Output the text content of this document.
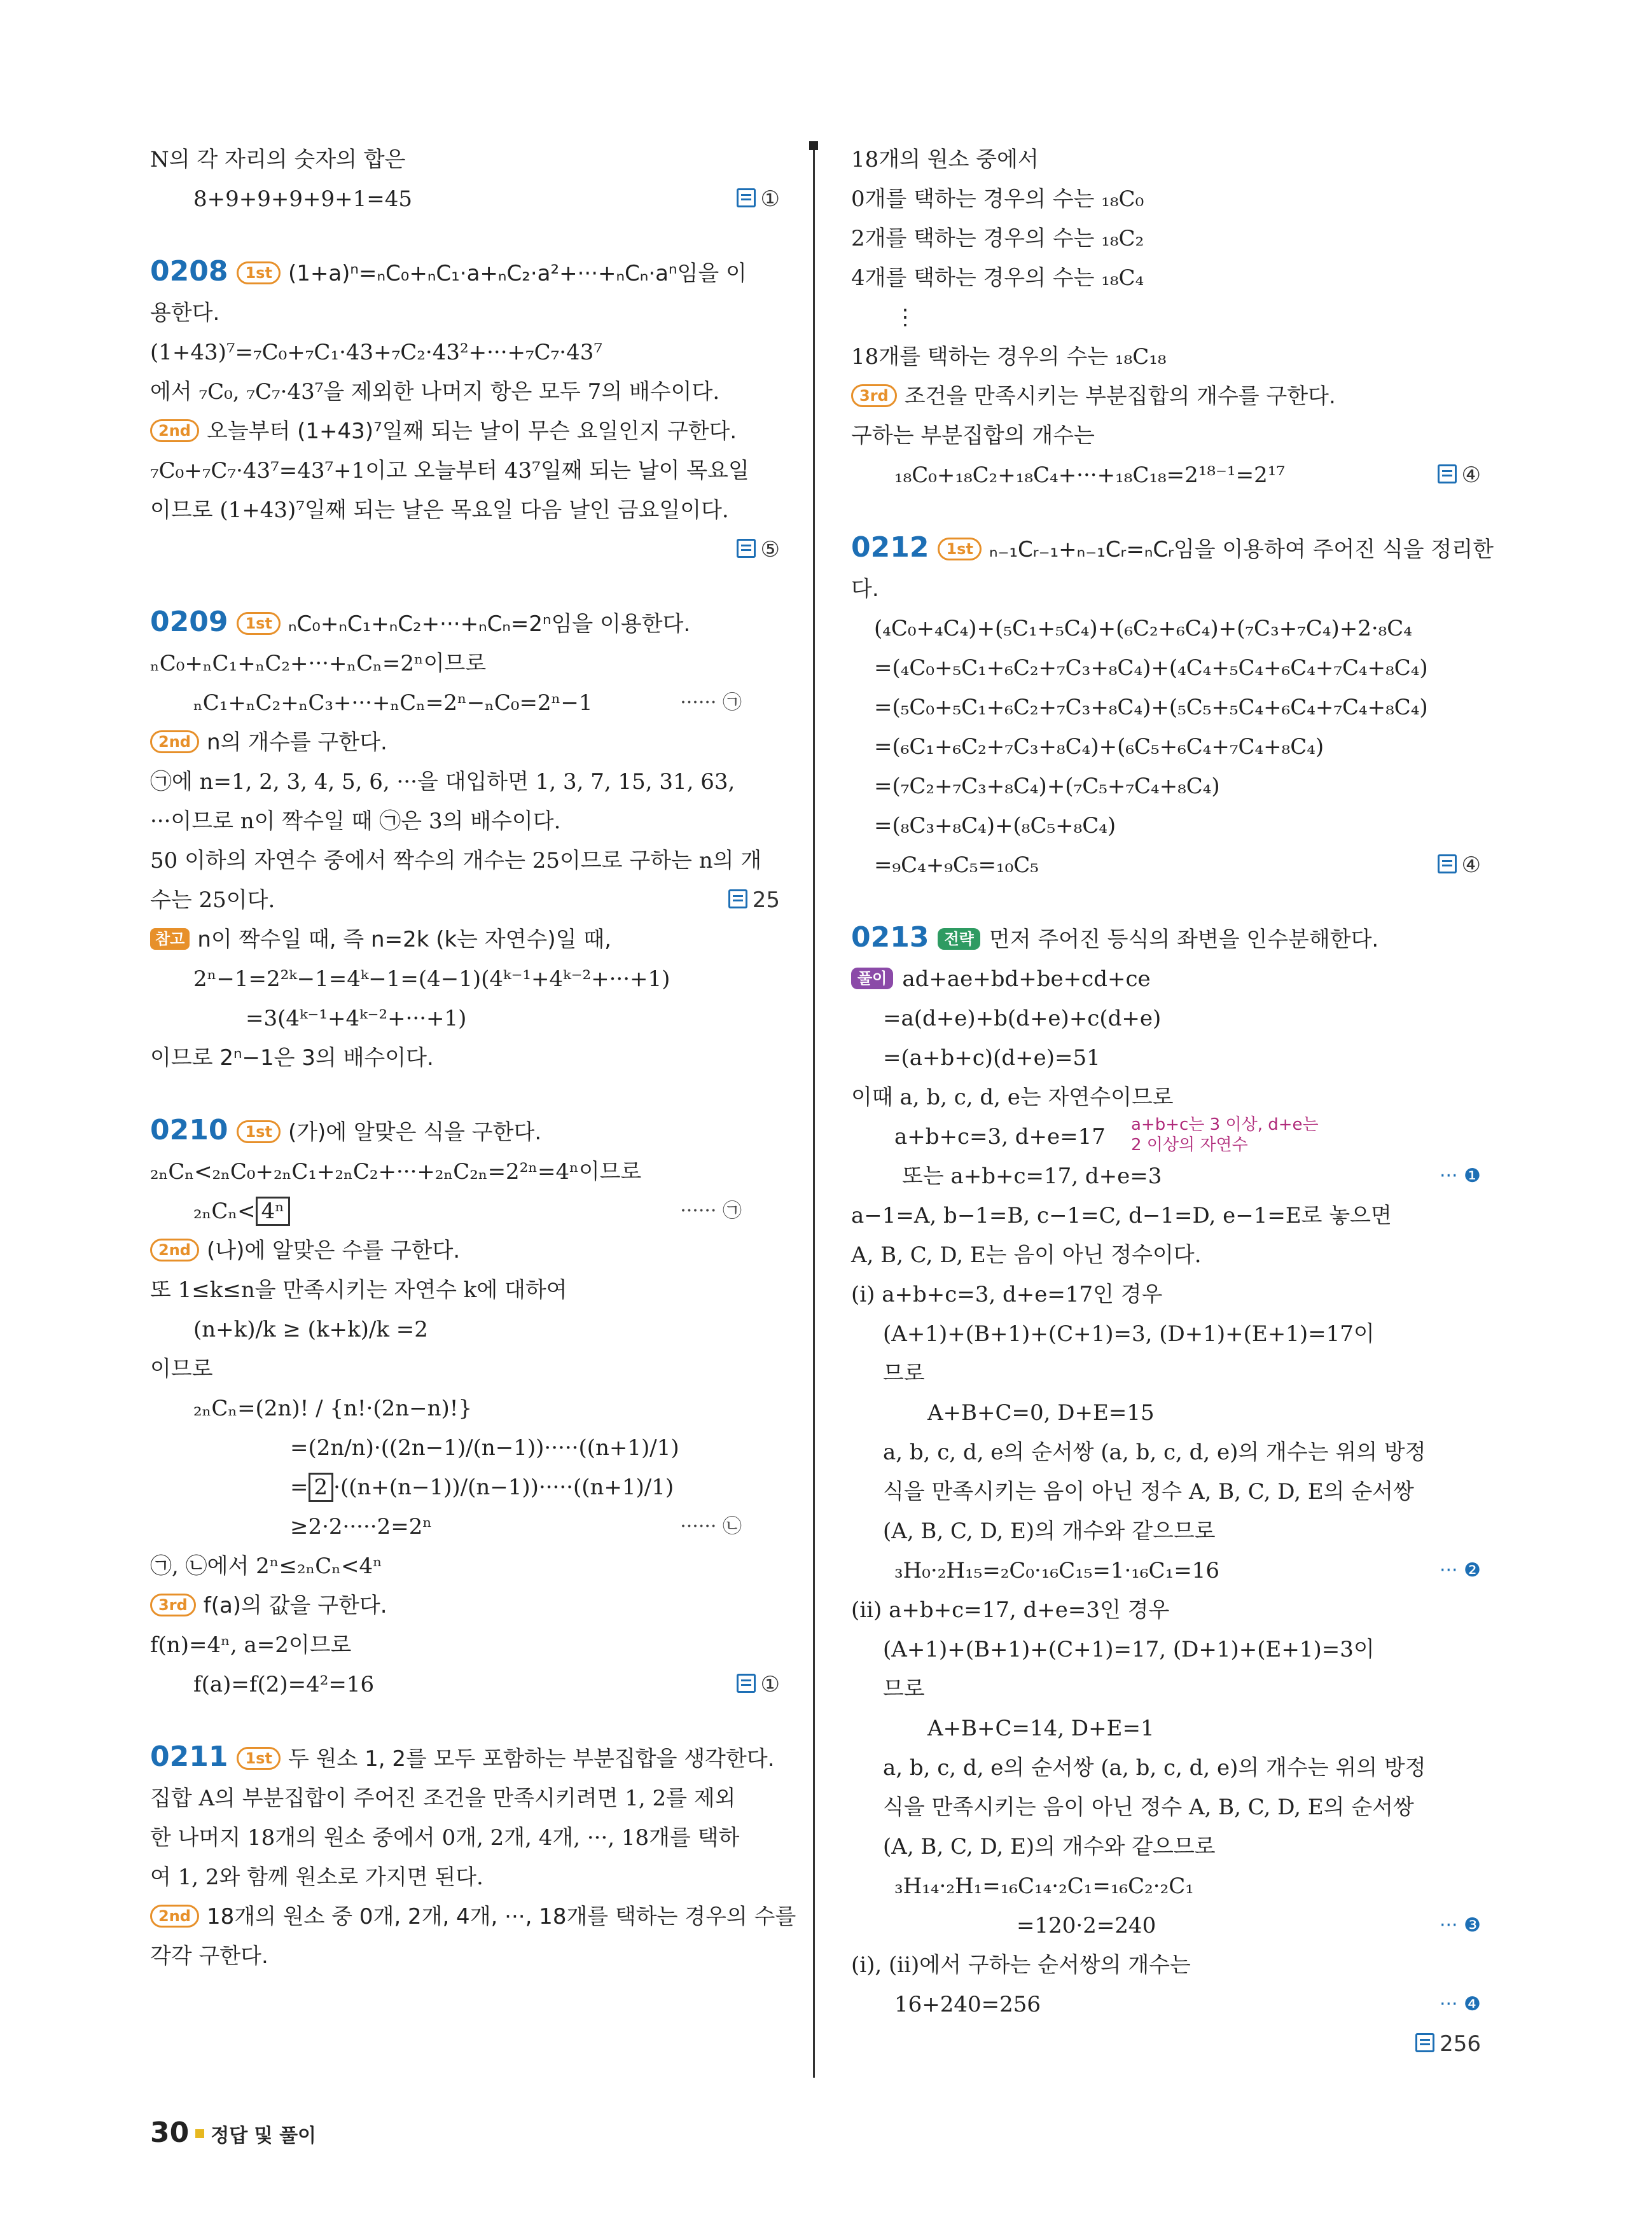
N의 각 자리의 숫자의 합은
8+9+9+9+9+1=45	①
0208 1st (1+a)ⁿ=ₙC₀+ₙC₁·a+ₙC₂·a²+···+ₙCₙ·aⁿ임을 이
용한다.
(1+43)⁷=₇C₀+₇C₁·43+₇C₂·43²+···+₇C₇·43⁷
에서 ₇C₀, ₇C₇·43⁷을 제외한 나머지 항은 모두 7의 배수이다.
2nd 오늘부터 (1+43)⁷일째 되는 날이 무슨 요일인지 구한다.
₇C₀+₇C₇·43⁷=43⁷+1이고 오늘부터 43⁷일째 되는 날이 목요일
이므로 (1+43)⁷일째 되는 날은 목요일 다음 날인 금요일이다.

⑤
0209 1st ₙC₀+ₙC₁+ₙC₂+···+ₙCₙ=2ⁿ임을 이용한다.
ₙC₀+ₙC₁+ₙC₂+···+ₙCₙ=2ⁿ이므로
ₙC₁+ₙC₂+ₙC₃+···+ₙCₙ=2ⁿ−ₙC₀=2ⁿ−1	······ ㉠
2nd n의 개수를 구한다.
㉠에 n=1, 2, 3, 4, 5, 6, ···을 대입하면 1, 3, 7, 15, 31, 63,
···이므로 n이 짝수일 때 ㉠은 3의 배수이다.
50 이하의 자연수 중에서 짝수의 개수는 25이므로 구하는 n의 개
수는 25이다.	25
참고 n이 짝수일 때, 즉 n=2k (k는 자연수)일 때,
2ⁿ−1=2²ᵏ−1=4ᵏ−1=(4−1)(4ᵏ⁻¹+4ᵏ⁻²+···+1)
=3(4ᵏ⁻¹+4ᵏ⁻²+···+1)
이므로 2ⁿ−1은 3의 배수이다.
0210 1st (가)에 알맞은 식을 구한다.
₂ₙCₙ<₂ₙC₀+₂ₙC₁+₂ₙC₂+···+₂ₙC₂ₙ=2²ⁿ=4ⁿ이므로
₂ₙCₙ< 4ⁿ	······ ㉠
2nd (나)에 알맞은 수를 구한다.
또 1≤k≤n을 만족시키는 자연수 k에 대하여
(n+k)/k ≥ (k+k)/k =2
이므로
₂ₙCₙ=(2n)! / {n!·(2n−n)!}
=(2n/n)·((2n−1)/(n−1))·····((n+1)/1)
= 2 ·((n+(n−1))/(n−1))·····((n+1)/1)
≥2·2·····2=2ⁿ	······ ㉡
㉠, ㉡에서 2ⁿ≤₂ₙCₙ<4ⁿ
3rd f(a)의 값을 구한다.
f(n)=4ⁿ, a=2이므로
f(a)=f(2)=4²=16	①
0211 1st 두 원소 1, 2를 모두 포함하는 부분집합을 생각한다.
집합 A의 부분집합이 주어진 조건을 만족시키려면 1, 2를 제외
한 나머지 18개의 원소 중에서 0개, 2개, 4개, ···, 18개를 택하
여 1, 2와 함께 원소로 가지면 된다.
2nd 18개의 원소 중 0개, 2개, 4개, ···, 18개를 택하는 경우의 수를
각각 구한다.
18개의 원소 중에서
0개를 택하는 경우의 수는 ₁₈C₀
2개를 택하는 경우의 수는 ₁₈C₂
4개를 택하는 경우의 수는 ₁₈C₄
⋮
18개를 택하는 경우의 수는 ₁₈C₁₈
3rd 조건을 만족시키는 부분집합의 개수를 구한다.
구하는 부분집합의 개수는
₁₈C₀+₁₈C₂+₁₈C₄+···+₁₈C₁₈=2¹⁸⁻¹=2¹⁷	④
0212 1st ₙ₋₁Cᵣ₋₁+ₙ₋₁Cᵣ=ₙCᵣ임을 이용하여 주어진 식을 정리한
다.
(₄C₀+₄C₄)+(₅C₁+₅C₄)+(₆C₂+₆C₄)+(₇C₃+₇C₄)+2·₈C₄
=(₄C₀+₅C₁+₆C₂+₇C₃+₈C₄)+(₄C₄+₅C₄+₆C₄+₇C₄+₈C₄)
=(₅C₀+₅C₁+₆C₂+₇C₃+₈C₄)+(₅C₅+₅C₄+₆C₄+₇C₄+₈C₄)
=(₆C₁+₆C₂+₇C₃+₈C₄)+(₆C₅+₆C₄+₇C₄+₈C₄)
=(₇C₂+₇C₃+₈C₄)+(₇C₅+₇C₄+₈C₄)
=(₈C₃+₈C₄)+(₈C₅+₈C₄)
=₉C₄+₉C₅=₁₀C₅	④
0213 전략 먼저 주어진 등식의 좌변을 인수분해한다.
풀이 ad+ae+bd+be+cd+ce
=a(d+e)+b(d+e)+c(d+e)
=(a+b+c)(d+e)=51
이때 a, b, c, d, e는 자연수이므로
a+b+c=3, d+e=17 a+b+c는 3 이상, d+e는
2 이상의 자연수
또는 a+b+c=17, d+e=3	··· ❶
a−1=A, b−1=B, c−1=C, d−1=D, e−1=E로 놓으면
A, B, C, D, E는 음이 아닌 정수이다.
(i) a+b+c=3, d+e=17인 경우
(A+1)+(B+1)+(C+1)=3, (D+1)+(E+1)=17이
므로
A+B+C=0, D+E=15
a, b, c, d, e의 순서쌍 (a, b, c, d, e)의 개수는 위의 방정
식을 만족시키는 음이 아닌 정수 A, B, C, D, E의 순서쌍
(A, B, C, D, E)의 개수와 같으므로
₃H₀·₂H₁₅=₂C₀·₁₆C₁₅=1·₁₆C₁=16	··· ❷
(ii) a+b+c=17, d+e=3인 경우
(A+1)+(B+1)+(C+1)=17, (D+1)+(E+1)=3이
므로
A+B+C=14, D+E=1
a, b, c, d, e의 순서쌍 (a, b, c, d, e)의 개수는 위의 방정
식을 만족시키는 음이 아닌 정수 A, B, C, D, E의 순서쌍
(A, B, C, D, E)의 개수와 같으므로
₃H₁₄·₂H₁=₁₆C₁₄·₂C₁=₁₆C₂·₂C₁
=120·2=240	··· ❸
(i), (ii)에서 구하는 순서쌍의 개수는
16+240=256	··· ❹

256
30 정답 및 풀이
